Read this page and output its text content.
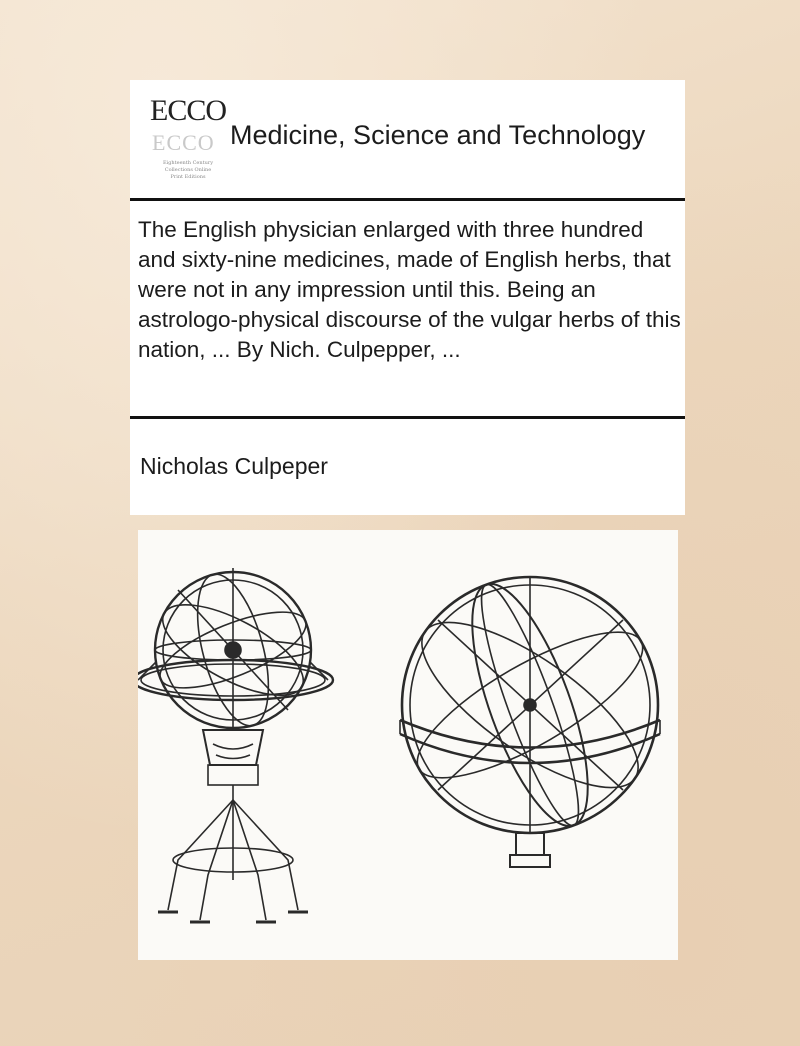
ECCO
ECCO
Eighteenth Century Collections Online Print Editions
Medicine, Science and Technology
The English physician enlarged with three hundred and sixty-nine medicines, made of English herbs, that were not in any impression until this. Being an astrologo-physical discourse of the vulgar herbs of this nation, ... By Nich. Culpepper, ...
Nicholas Culpeper
